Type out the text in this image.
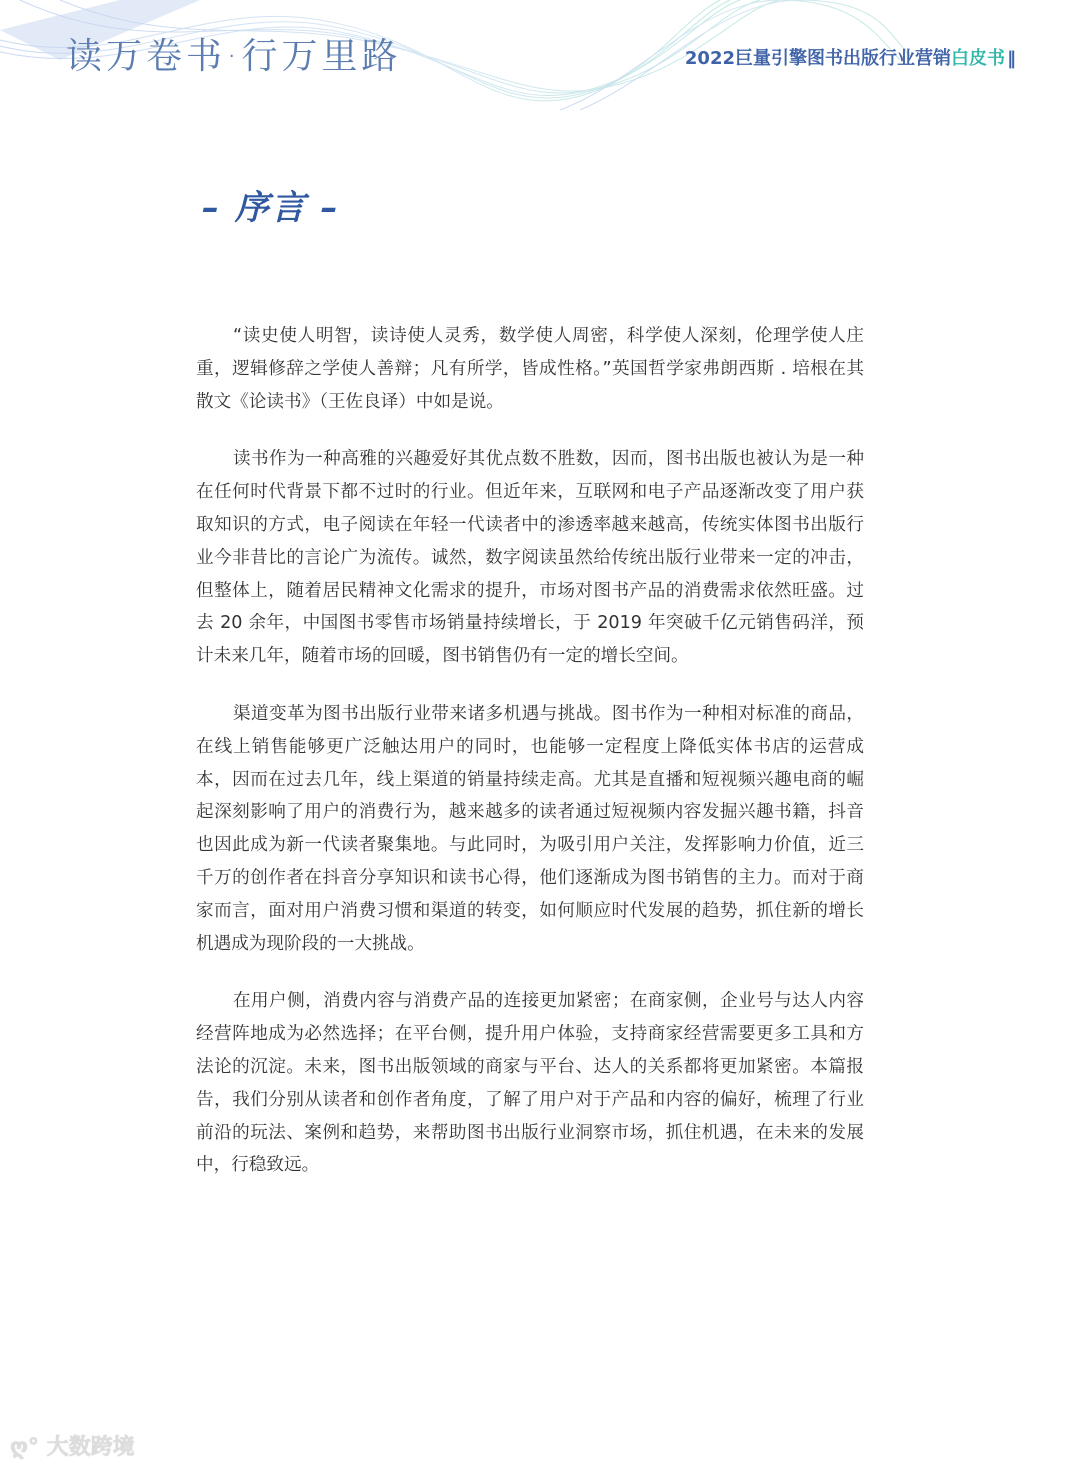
读万卷书·行万里路	2022巨量引擎图书出版行业营销白皮书 ‖
– 序言 –

“读史使人明智，读诗使人灵秀，数学使人周密，科学使人深刻，伦理学使人庄重，逻辑修辞之学使人善辩；凡有所学，皆成性格。”英国哲学家弗朗西斯 . 培根在其散文《论读书》（王佐良译）中如是说。

读书作为一种高雅的兴趣爱好其优点数不胜数，因而，图书出版也被认为是一种在任何时代背景下都不过时的行业。但近年来，互联网和电子产品逐渐改变了用户获取知识的方式，电子阅读在年轻一代读者中的渗透率越来越高，传统实体图书出版行业今非昔比的言论广为流传。诚然，数字阅读虽然给传统出版行业带来一定的冲击，但整体上，随着居民精神文化需求的提升，市场对图书产品的消费需求依然旺盛。过去 20 余年，中国图书零售市场销量持续增长，于 2019 年突破千亿元销售码洋，预计未来几年，随着市场的回暖，图书销售仍有一定的增长空间。

渠道变革为图书出版行业带来诸多机遇与挑战。图书作为一种相对标准的商品，在线上销售能够更广泛触达用户的同时，也能够一定程度上降低实体书店的运营成本，因而在过去几年，线上渠道的销量持续走高。尤其是直播和短视频兴趣电商的崛起深刻影响了用户的消费行为，越来越多的读者通过短视频内容发掘兴趣书籍，抖音也因此成为新一代读者聚集地。与此同时，为吸引用户关注，发挥影响力价值，近三千万的创作者在抖音分享知识和读书心得，他们逐渐成为图书销售的主力。而对于商家而言，面对用户消费习惯和渠道的转变，如何顺应时代发展的趋势，抓住新的增长机遇成为现阶段的一大挑战。

在用户侧，消费内容与消费产品的连接更加紧密；在商家侧，企业号与达人内容经营阵地成为必然选择；在平台侧，提升用户体验，支持商家经营需要更多工具和方法论的沉淀。未来，图书出版领域的商家与平台、达人的关系都将更加紧密。本篇报告，我们分别从读者和创作者角度，了解了用户对于产品和内容的偏好，梳理了行业前沿的玩法、案例和趋势，来帮助图书出版行业洞察市场，抓住机遇，在未来的发展中，行稳致远。

ღ° 大数跨境
